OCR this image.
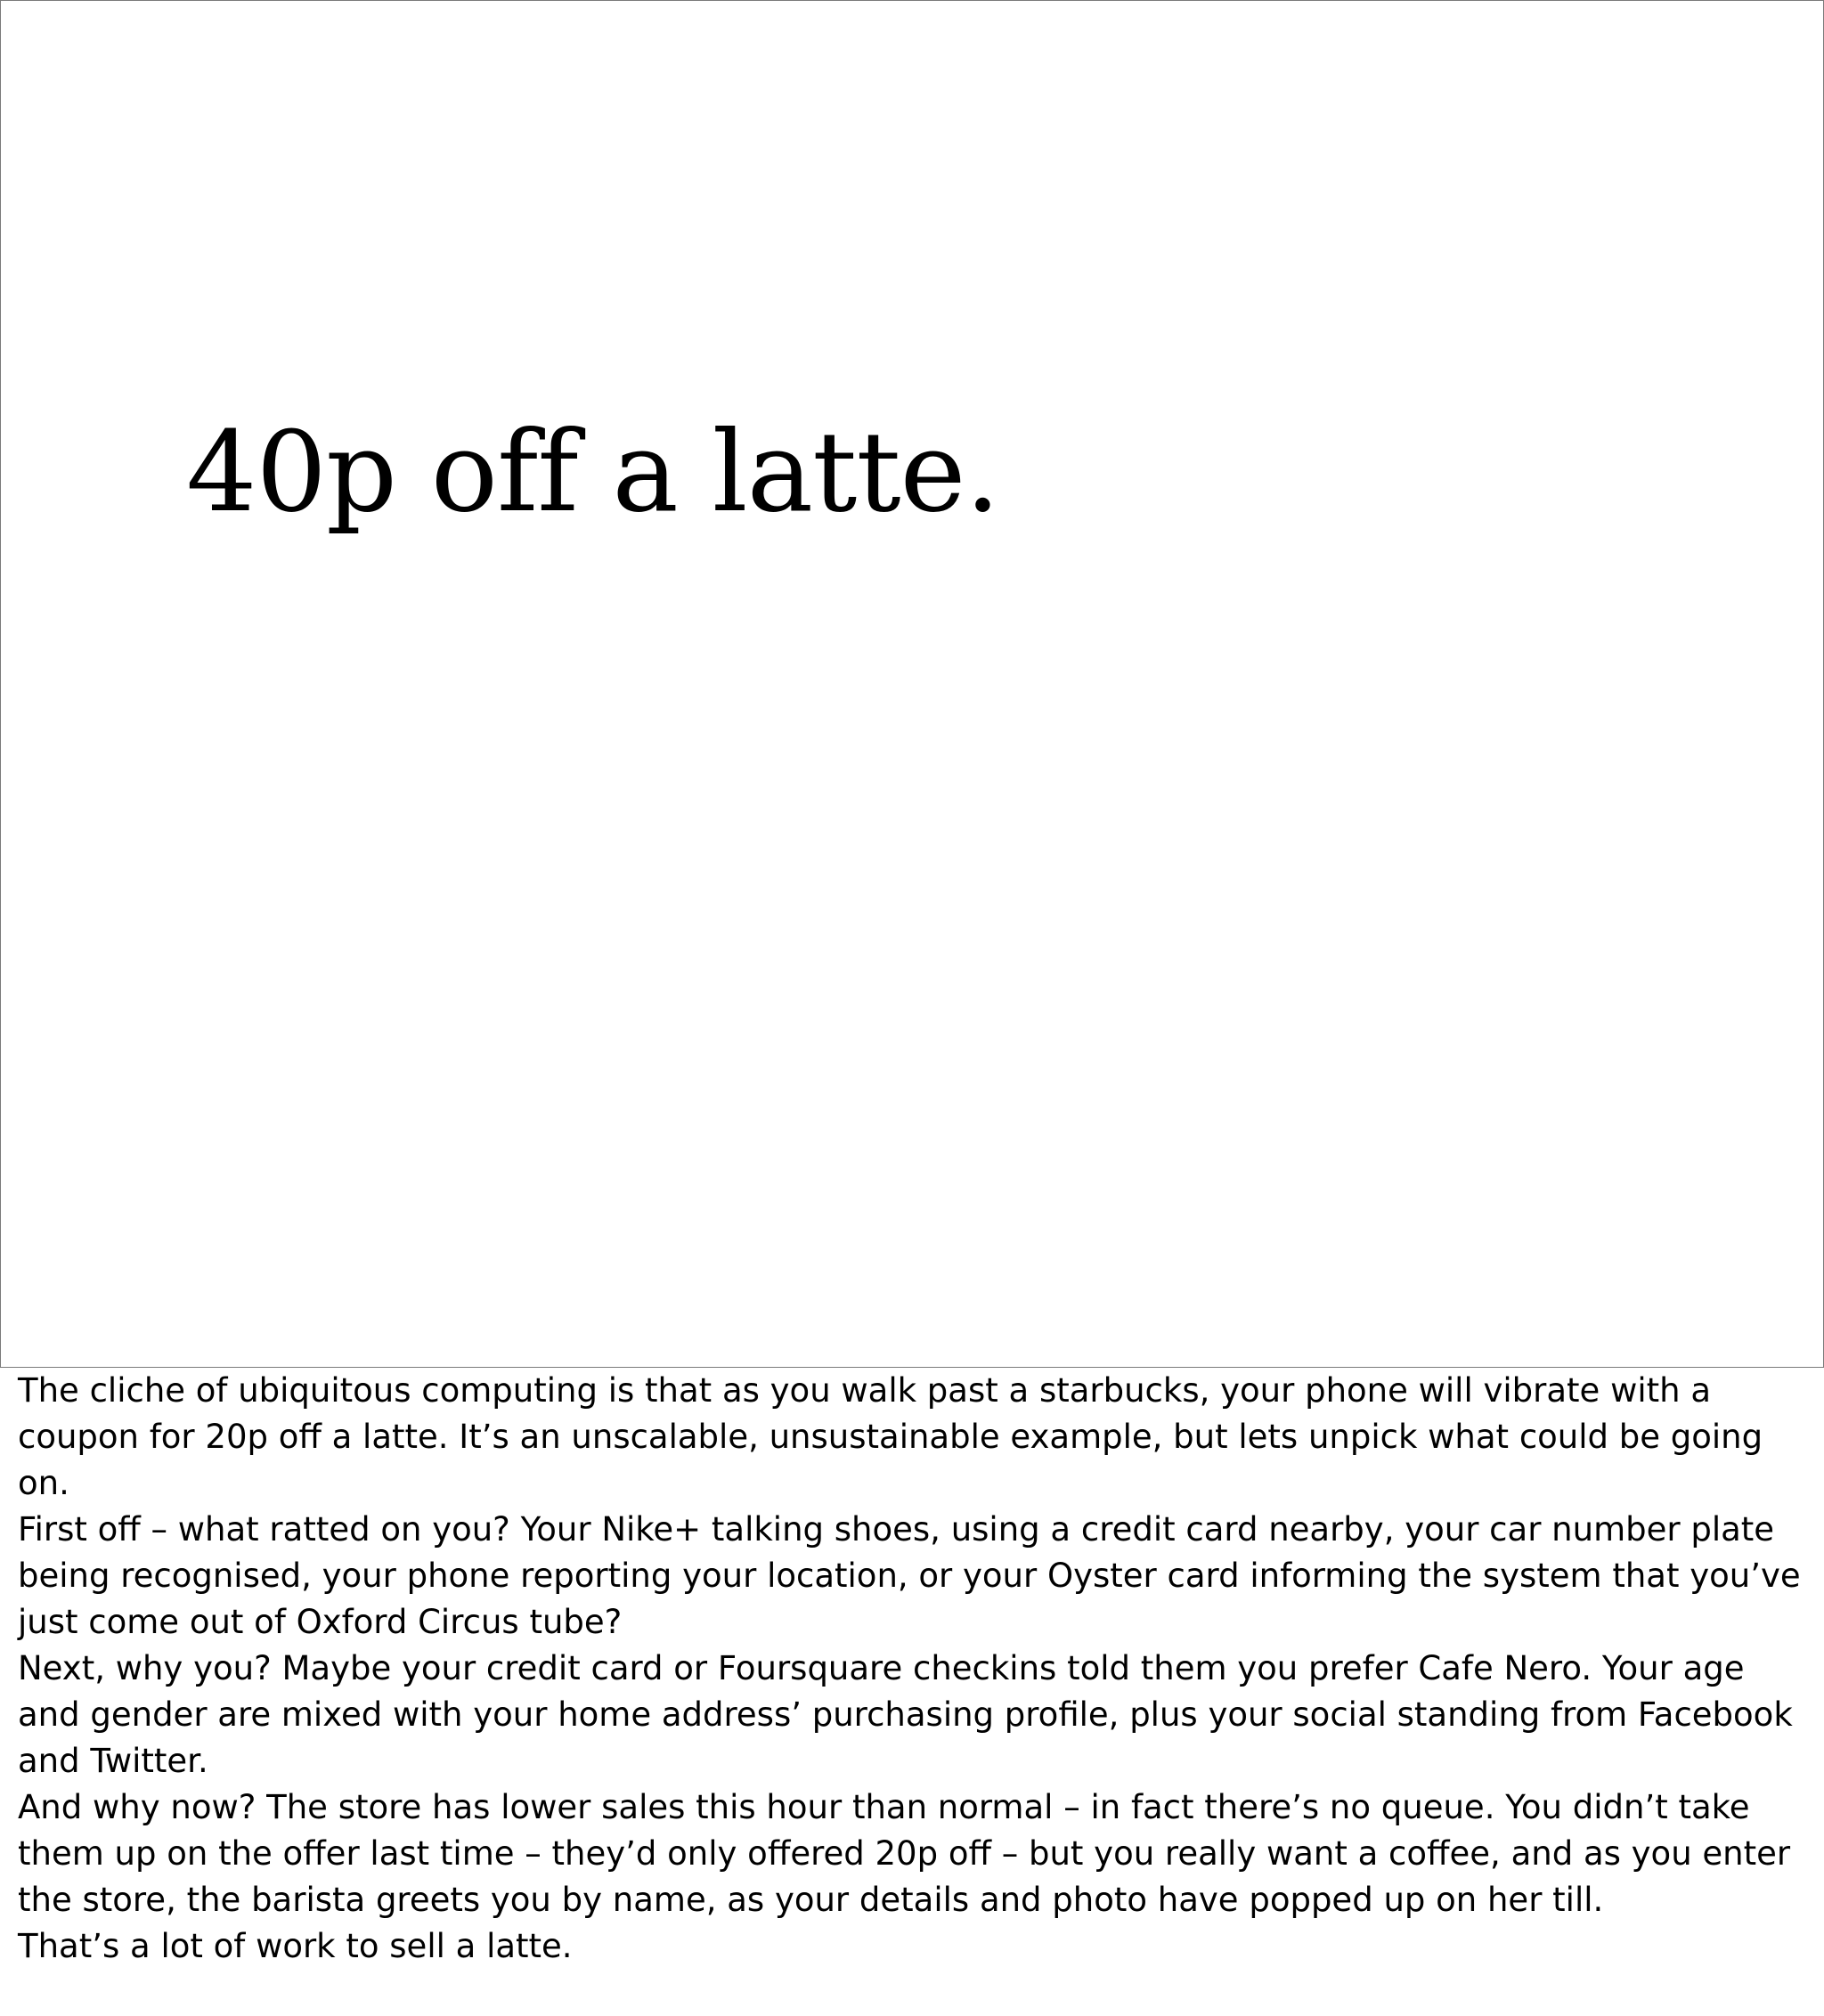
40p off a latte.

The cliche of ubiquitous computing is that as you walk past a starbucks, your phone will vibrate with a coupon for 20p off a latte. It’s an unscalable, unsustainable example, but lets unpick what could be going on.

First off – what ratted on you? Your Nike+ talking shoes, using a credit card nearby, your car number plate being recognised, your phone reporting your location, or your Oyster card informing the system that you’ve just come out of Oxford Circus tube?

Next, why you? Maybe your credit card or Foursquare checkins told them you prefer Cafe Nero. Your age and gender are mixed with your home address’ purchasing profile, plus your social standing from Facebook and Twitter.

And why now? The store has lower sales this hour than normal – in fact there’s no queue. You didn’t take them up on the offer last time – they’d only offered 20p off – but you really want a coffee, and as you enter the store, the barista greets you by name, as your details and photo have popped up on her till.

That’s a lot of work to sell a latte.
